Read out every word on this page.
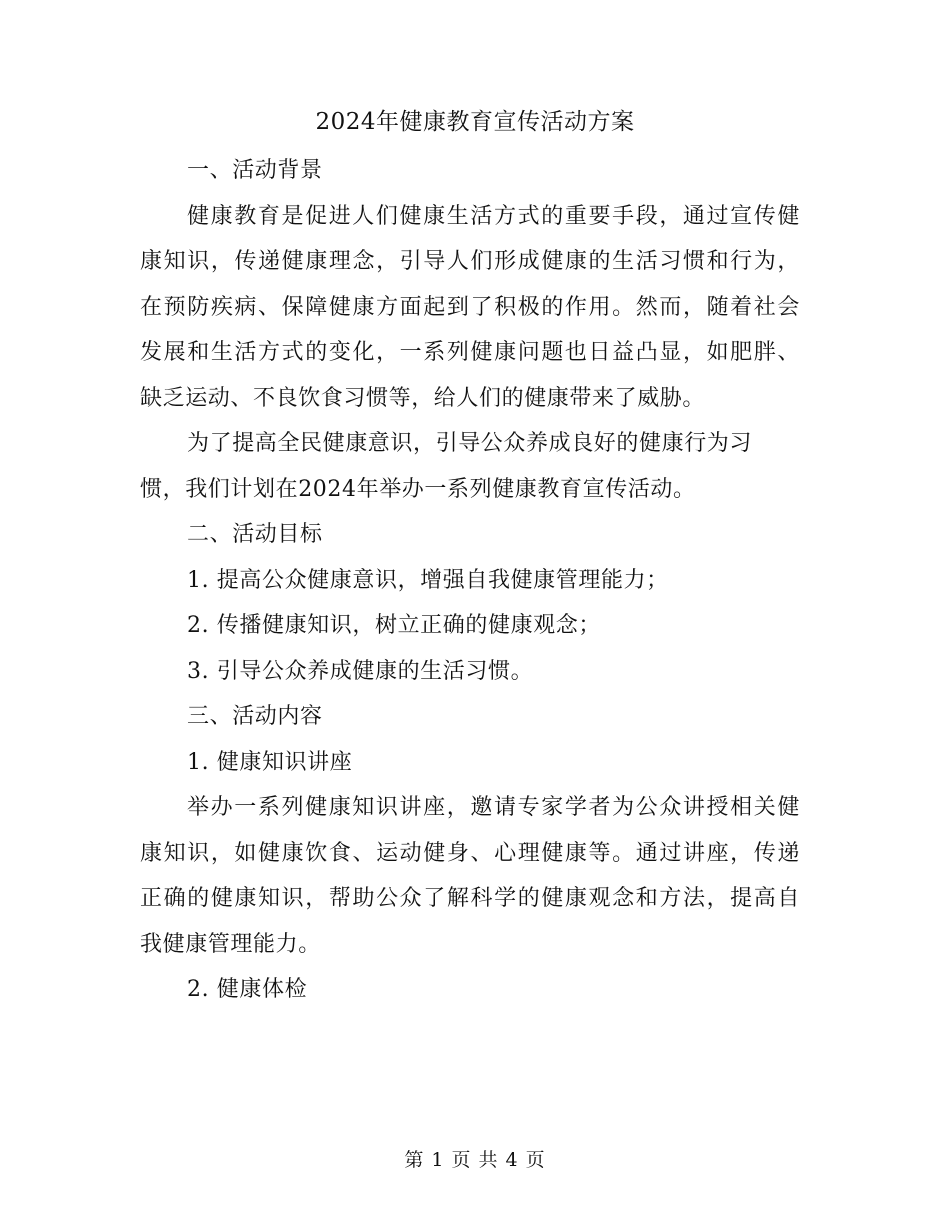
2024年健康教育宣传活动方案
一、活动背景
健康教育是促进人们健康生活方式的重要手段，通过宣传健
康知识，传递健康理念，引导人们形成健康的生活习惯和行为，
在预防疾病、保障健康方面起到了积极的作用。然而，随着社会
发展和生活方式的变化，一系列健康问题也日益凸显，如肥胖、
缺乏运动、不良饮食习惯等，给人们的健康带来了威胁。
为了提高全民健康意识，引导公众养成良好的健康行为习
惯，我们计划在2024年举办一系列健康教育宣传活动。
二、活动目标
1. 提高公众健康意识，增强自我健康管理能力；
2. 传播健康知识，树立正确的健康观念；
3. 引导公众养成健康的生活习惯。
三、活动内容
1. 健康知识讲座
举办一系列健康知识讲座，邀请专家学者为公众讲授相关健
康知识，如健康饮食、运动健身、心理健康等。通过讲座，传递
正确的健康知识，帮助公众了解科学的健康观念和方法，提高自
我健康管理能力。
2. 健康体检
第 1 页 共 4 页
